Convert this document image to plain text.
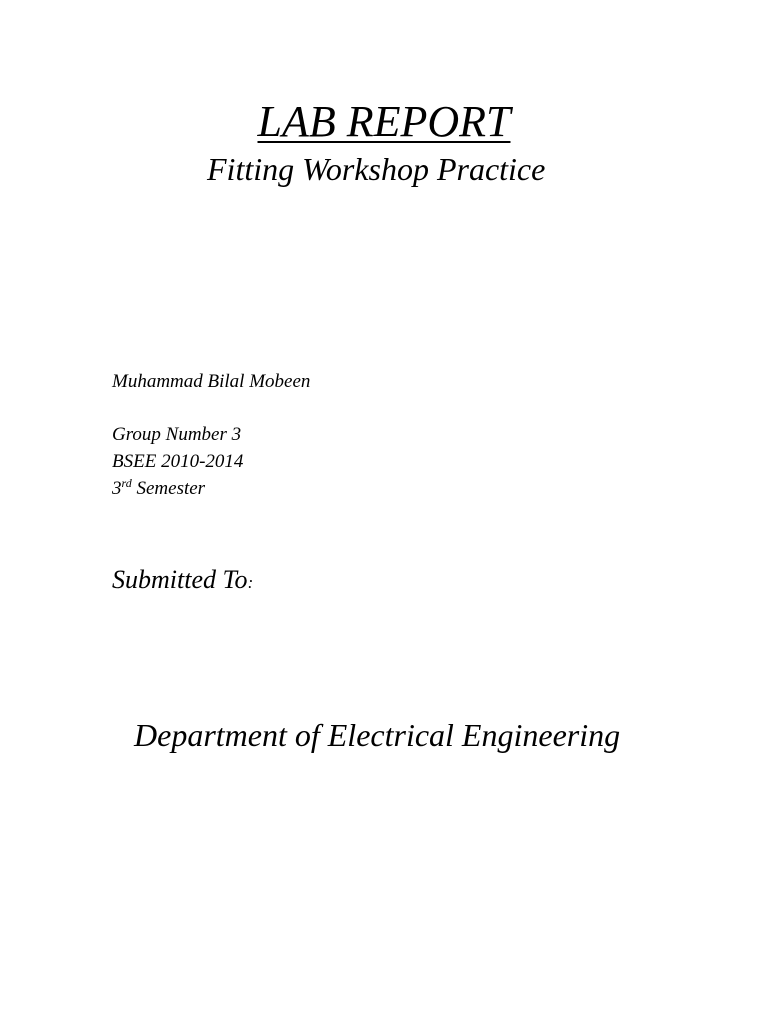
LAB REPORT
Fitting Workshop Practice
Muhammad Bilal Mobeen
Group Number 3
BSEE 2010-2014
3rd Semester
Submitted To:
Department of Electrical Engineering
